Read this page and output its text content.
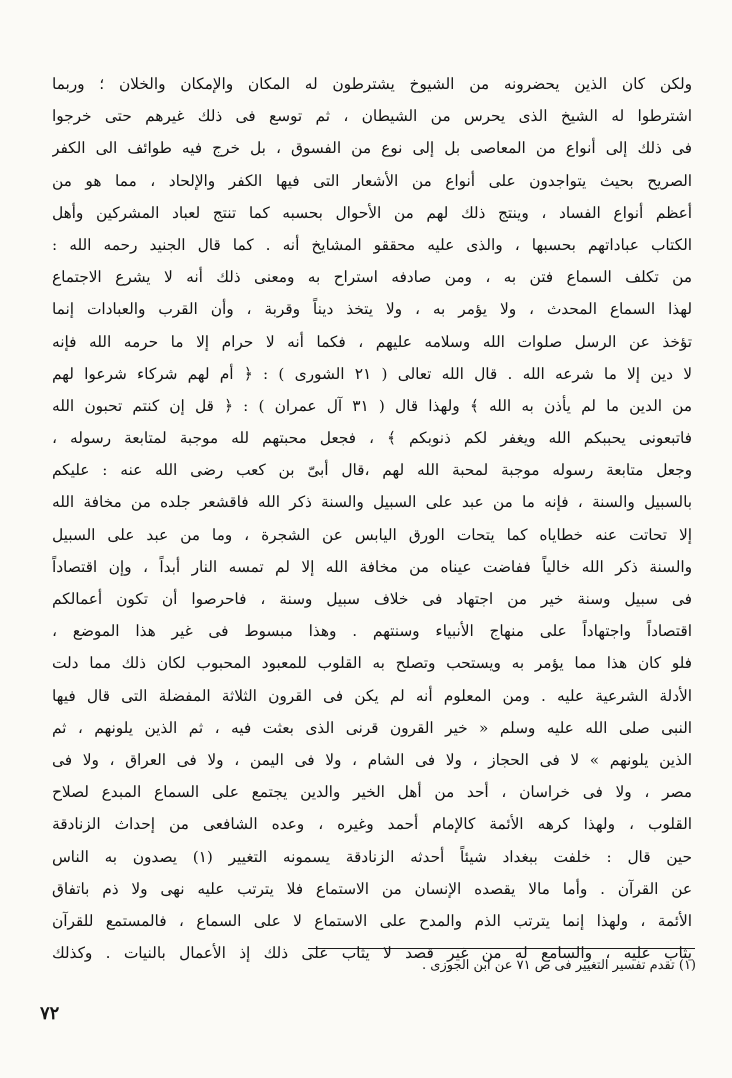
ولكن كان الذين يحضرونه من الشيوخ يشترطون له المكان والإمكان والخلان ؛ وربما
اشترطوا له الشيخ الذى يحرس من الشيطان ، ثم توسع فى ذلك غيرهم حتى خرجوا
فى ذلك إلى أنواع من المعاصى بل إلى نوع من الفسوق ، بل خرج فيه طوائف الى الكفر
الصريح بحيث يتواجدون على أنواع من الأشعار التى فيها الكفر والإلحاد ، مما هو من
أعظم أنواع الفساد ، وينتج ذلك لهم من الأحوال بحسبه كما تنتج لعباد المشركين وأهل
الكتاب عباداتهم بحسبها ، والذى عليه محققو المشايخ أنه . كما قال الجنيد رحمه الله :
من تكلف السماع فتن به ، ومن صادفه استراح به ومعنى ذلك أنه لا يشرع الاجتماع
لهذا السماع المحدث ، ولا يؤمر به ، ولا يتخذ ديناً وقربة ، وأن القرب والعبادات إنما
تؤخذ عن الرسل صلوات الله وسلامه عليهم ، فكما أنه لا حرام إلا ما حرمه الله فإنه
لا دين إلا ما شرعه الله . قال الله تعالى ( ٢١ الشورى ) : ﴿ أم لهم شركاء شرعوا لهم
من الدين ما لم يأذن به الله ﴾ ولهذا قال ( ٣١ آل عمران ) : ﴿ قل إن كنتم تحبون الله
فاتبعونى يحببكم الله ويغفر لكم ذنوبكم ﴾ ، فجعل محبتهم لله موجبة لمتابعة رسوله ،
وجعل متابعة رسوله موجبة لمحبة الله لهم ،قال أبىّ بن كعب رضى الله عنه : عليكم
بالسبيل والسنة ، فإنه ما من عبد على السبيل والسنة ذكر الله فاقشعر جلده من مخافة الله
إلا تحاتت عنه خطاياه كما يتحات الورق اليابس عن الشجرة ، وما من عبد على السبيل
والسنة ذكر الله خالياً ففاضت عيناه من مخافة الله إلا لم تمسه النار أبداً ، وإن اقتصاداً
فى سبيل وسنة خير من اجتهاد فى خلاف سبيل وسنة ، فاحرصوا أن تكون أعمالكم
اقتصاداً واجتهاداً على منهاج الأنبياء وسنتهم . وهذا مبسوط فى غير هذا الموضع ،
فلو كان هذا مما يؤمر به ويستحب وتصلح به القلوب للمعبود المحبوب لكان ذلك مما دلت
الأدلة الشرعية عليه . ومن المعلوم أنه لم يكن فى القرون الثلاثة المفضلة التى قال فيها
النبى صلى الله عليه وسلم « خير القرون قرنى الذى بعثت فيه ، ثم الذين يلونهم ، ثم
الذين يلونهم » لا فى الحجاز ، ولا فى الشام ، ولا فى اليمن ، ولا فى العراق ، ولا فى
مصر ، ولا فى خراسان ، أحد من أهل الخير والدين يجتمع على السماع المبدع لصلاح
القلوب ، ولهذا كرهه الأئمة كالإمام أحمد وغيره ، وعده الشافعى من إحداث الزنادقة
حين قال : خلفت ببغداد شيئاً أحدثه الزنادقة يسمونه التغيير (١) يصدون به الناس
عن القرآن . وأما مالا يقصده الإنسان من الاستماع فلا يترتب عليه نهى ولا ذم باتفاق
الأئمة ، ولهذا إنما يترتب الذم والمدح على الاستماع لا على السماع ، فالمستمع للقرآن
يثاب عليه ، والسامع له من غير قصد لا يثاب على ذلك إذ الأعمال بالنيات . وكذلك
(١) تقدم تفسير التغيير فى ص ٧١ عن ابن الجوزى .
٧٢
